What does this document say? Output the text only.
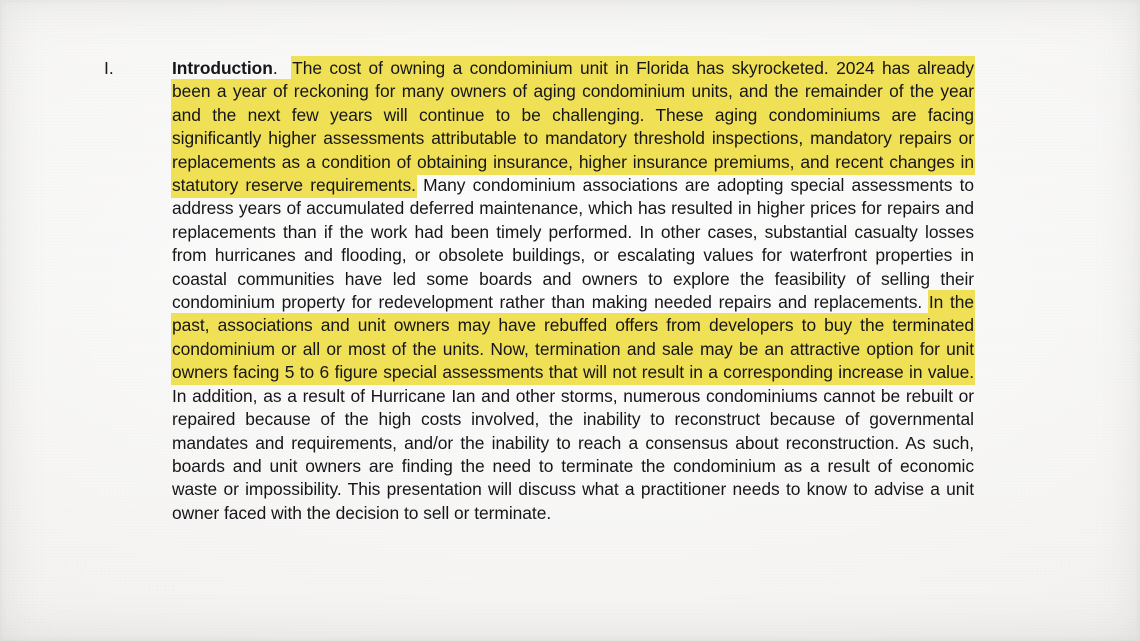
I.	Introduction. The cost of owning a condominium unit in Florida has skyrocketed. 2024 has already been a year of reckoning for many owners of aging condominium units, and the remainder of the year and the next few years will continue to be challenging. These aging condominiums are facing significantly higher assessments attributable to mandatory threshold inspections, mandatory repairs or replacements as a condition of obtaining insurance, higher insurance premiums, and recent changes in statutory reserve requirements. Many condominium associations are adopting special assessments to address years of accumulated deferred maintenance, which has resulted in higher prices for repairs and replacements than if the work had been timely performed. In other cases, substantial casualty losses from hurricanes and flooding, or obsolete buildings, or escalating values for waterfront properties in coastal communities have led some boards and owners to explore the feasibility of selling their condominium property for redevelopment rather than making needed repairs and replacements. In the past, associations and unit owners may have rebuffed offers from developers to buy the terminated condominium or all or most of the units. Now, termination and sale may be an attractive option for unit owners facing 5 to 6 figure special assessments that will not result in a corresponding increase in value. In addition, as a result of Hurricane Ian and other storms, numerous condominiums cannot be rebuilt or repaired because of the high costs involved, the inability to reconstruct because of governmental mandates and requirements, and/or the inability to reach a consensus about reconstruction. As such, boards and unit owners are finding the need to terminate the condominium as a result of economic waste or impossibility. This presentation will discuss what a practitioner needs to know to advise a unit owner faced with the decision to sell or terminate.
